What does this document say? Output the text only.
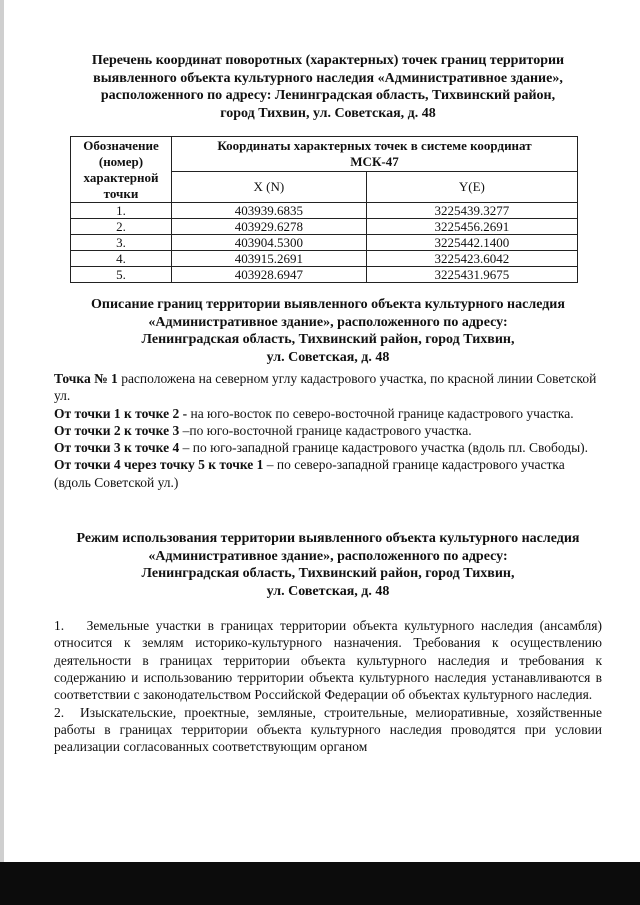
Перечень координат поворотных (характерных) точек границ территории
выявленного объекта культурного наследия «Административное здание»,
расположенного по адресу: Ленинградская область, Тихвинский район,
город Тихвин, ул. Советская, д. 48
Обозначение
(номер)
характерной
точки	Координаты характерных точек в системе координат
МСК-47	

	X (N)	Y(E)
1.	403939.6835	3225439.3277
2.	403929.6278	3225456.2691
3.	403904.5300	3225442.1400
4.	403915.2691	3225423.6042
5.	403928.6947	3225431.9675
Описание границ территории выявленного объекта культурного наследия
«Административное здание», расположенного по адресу:
Ленинградская область, Тихвинский район, город Тихвин,
ул. Советская, д. 48

Точка № 1 расположена на северном углу кадастрового участка, по красной линии Советской ул.

От точки 1 к точке 2 - на юго-восток по северо-восточной границе кадастрового участка.

От точки 2 к точке 3 –по юго-восточной границе кадастрового участка.

От точки 3 к точке 4 – по юго-западной границе кадастрового участка (вдоль пл. Свободы).

От точки 4 через точку 5 к точке 1 – по северо-западной границе кадастрового участка (вдоль Советской ул.)

Режим использования территории выявленного объекта культурного наследия
«Административное здание», расположенного по адресу:
Ленинградская область, Тихвинский район, город Тихвин,
ул. Советская, д. 48

1. Земельные участки в границах территории объекта культурного наследия (ансамбля) относится к землям историко-культурного назначения. Требования к осуществлению деятельности в границах территории объекта культурного наследия и требования к содержанию и использованию территории объекта культурного наследия устанавливаются в соответствии с законодательством Российской Федерации об объектах культурного наследия.

2. Изыскательские, проектные, земляные, строительные, мелиоративные, хозяйственные работы в границах территории объекта культурного наследия проводятся при условии реализации согласованных соответствующим органом
